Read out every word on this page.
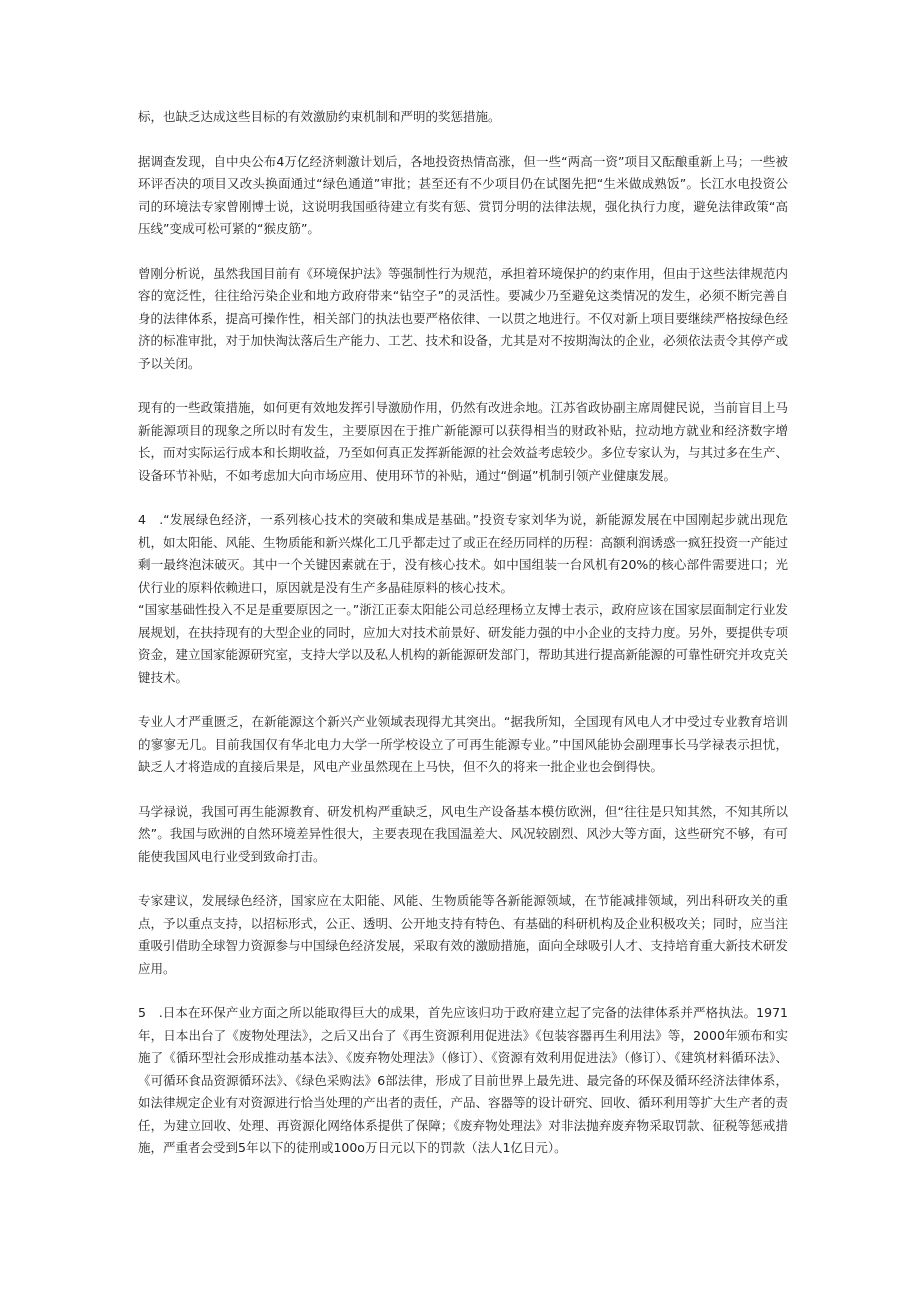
标，也缺乏达成这些目标的有效激励约束机制和严明的奖惩措施。

据调查发现，自中央公布4万亿经济刺激计划后，各地投资热情高涨，但一些“两高一资”项目又酝酿重新上马；一些被环评否决的项目又改头换面通过“绿色通道”审批；甚至还有不少项目仍在试图先把“生米做成熟饭”。长江水电投资公司的环境法专家曾刚博士说，这说明我国亟待建立有奖有惩、赏罚分明的法律法规，强化执行力度，避免法律政策“高压线”变成可松可紧的“猴皮筋”。

曾刚分析说，虽然我国目前有《环境保护法》等强制性行为规范，承担着环境保护的约束作用，但由于这些法律规范内容的宽泛性，往往给污染企业和地方政府带来“钻空子”的灵活性。要减少乃至避免这类情况的发生，必须不断完善自身的法律体系，提高可操作性，相关部门的执法也要严格依律、一以贯之地进行。不仅对新上项目要继续严格按绿色经济的标准审批，对于加快淘汰落后生产能力、工艺、技术和设备，尤其是对不按期淘汰的企业，必须依法责令其停产或予以关闭。

现有的一些政策措施，如何更有效地发挥引导激励作用，仍然有改进余地。江苏省政协副主席周健民说，当前盲目上马新能源项目的现象之所以时有发生，主要原因在于推广新能源可以获得相当的财政补贴，拉动地方就业和经济数字增长，而对实际运行成本和长期收益，乃至如何真正发挥新能源的社会效益考虑较少。多位专家认为，与其过多在生产、设备环节补贴，不如考虑加大向市场应用、使用环节的补贴，通过“倒逼”机制引领产业健康发展。

4　.“发展绿色经济，一系列核心技术的突破和集成是基础。”投资专家刘华为说，新能源发展在中国刚起步就出现危机，如太阳能、风能、生物质能和新兴煤化工几乎都走过了或正在经历同样的历程：高额利润诱惑一疯狂投资一产能过剩一最终泡沫破灭。其中一个关键因素就在于，没有核心技术。如中国组装一台风机有20%的核心部件需要进口；光伏行业的原料依赖进口，原因就是没有生产多晶硅原料的核心技术。

“国家基础性投入不足是重要原因之一。”浙江正泰太阳能公司总经理杨立友博士表示，政府应该在国家层面制定行业发展规划，在扶持现有的大型企业的同时，应加大对技术前景好、研发能力强的中小企业的支持力度。另外，要提供专项资金，建立国家能源研究室，支持大学以及私人机构的新能源研发部门，帮助其进行提高新能源的可靠性研究并攻克关键技术。

专业人才严重匮乏，在新能源这个新兴产业领域表现得尤其突出。“据我所知，全国现有风电人才中受过专业教育培训的寥寥无几。目前我国仅有华北电力大学一所学校设立了可再生能源专业。”中国风能协会副理事长马学禄表示担忧，缺乏人才将造成的直接后果是，风电产业虽然现在上马快，但不久的将来一批企业也会倒得快。

马学禄说，我国可再生能源教育、研发机构严重缺乏，风电生产设备基本模仿欧洲，但“往往是只知其然，不知其所以然”。我国与欧洲的自然环境差异性很大，主要表现在我国温差大、风况较剧烈、风沙大等方面，这些研究不够，有可能使我国风电行业受到致命打击。

专家建议，发展绿色经济，国家应在太阳能、风能、生物质能等各新能源领域，在节能减排领域，列出科研攻关的重点，予以重点支持，以招标形式，公正、透明、公开地支持有特色、有基础的科研机构及企业积极攻关；同时，应当注重吸引借助全球智力资源参与中国绿色经济发展，采取有效的激励措施，面向全球吸引人才、支持培育重大新技术研发应用。

5　.日本在环保产业方面之所以能取得巨大的成果，首先应该归功于政府建立起了完备的法律体系并严格执法。1971年，日本出台了《废物处理法》，之后又出台了《再生资源利用促进法》《包装容器再生利用法》等，2000年颁布和实施了《循环型社会形成推动基本法》、《废弃物处理法》（修订）、《资源有效利用促进法》（修订）、《建筑材料循环法》、《可循环食品资源循环法》、《绿色采购法》6部法律，形成了目前世界上最先进、最完备的环保及循环经济法律体系，如法律规定企业有对资源进行恰当处理的产出者的责任，产品、容器等的设计研究、回收、循环利用等扩大生产者的责任，为建立回收、处理、再资源化网络体系提供了保障；《废弃物处理法》对非法抛弃废弃物采取罚款、征税等惩戒措施，严重者会受到5年以下的徒刑或100o万日元以下的罚款（法人1亿日元）。
